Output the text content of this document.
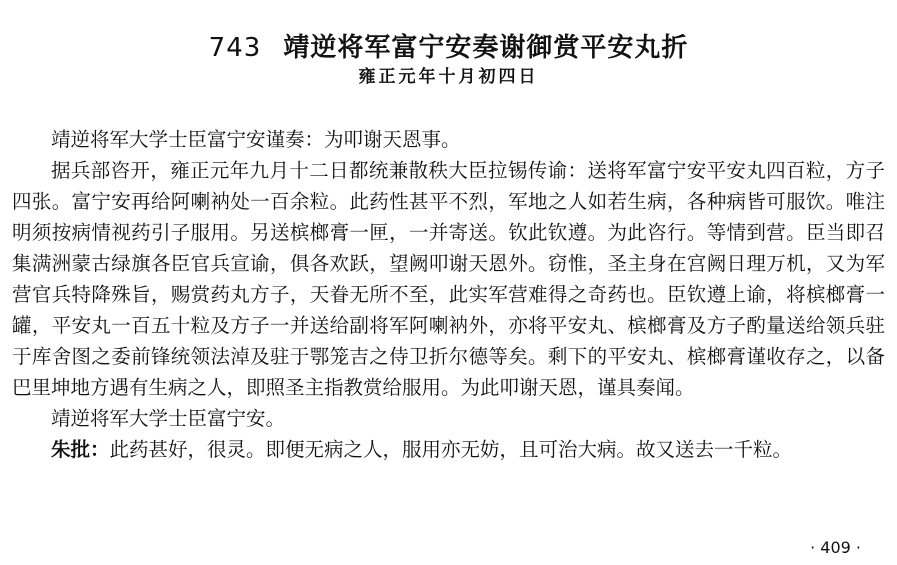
743 靖逆将军富宁安奏谢御赏平安丸折
雍正元年十月初四日

靖逆将军大学士臣富宁安谨奏：为叩谢天恩事。

据兵部咨开，雍正元年九月十二日都统兼散秩大臣拉锡传谕：送将军富宁安平安丸四百粒，方子四张。富宁安再给阿喇衲处一百余粒。此药性甚平不烈，军地之人如若生病，各种病皆可服饮。唯注明须按病情视药引子服用。另送槟榔膏一匣，一并寄送。钦此钦遵。为此咨行。等情到营。臣当即召集满洲蒙古绿旗各臣官兵宣谕，俱各欢跃，望阙叩谢天恩外。窃惟，圣主身在宫阙日理万机，又为军营官兵特降殊旨，赐赏药丸方子，天眷无所不至，此实军营难得之奇药也。臣钦遵上谕，将槟榔膏一罐，平安丸一百五十粒及方子一并送给副将军阿喇衲外，亦将平安丸、槟榔膏及方子酌量送给领兵驻于库舍图之委前锋统领法淖及驻于鄂笼吉之侍卫折尔德等矣。剩下的平安丸、槟榔膏谨收存之，以备巴里坤地方遇有生病之人，即照圣主指教赏给服用。为此叩谢天恩，谨具奏闻。

靖逆将军大学士臣富宁安。

朱批：此药甚好，很灵。即便无病之人，服用亦无妨，且可治大病。故又送去一千粒。

· 409 ·
